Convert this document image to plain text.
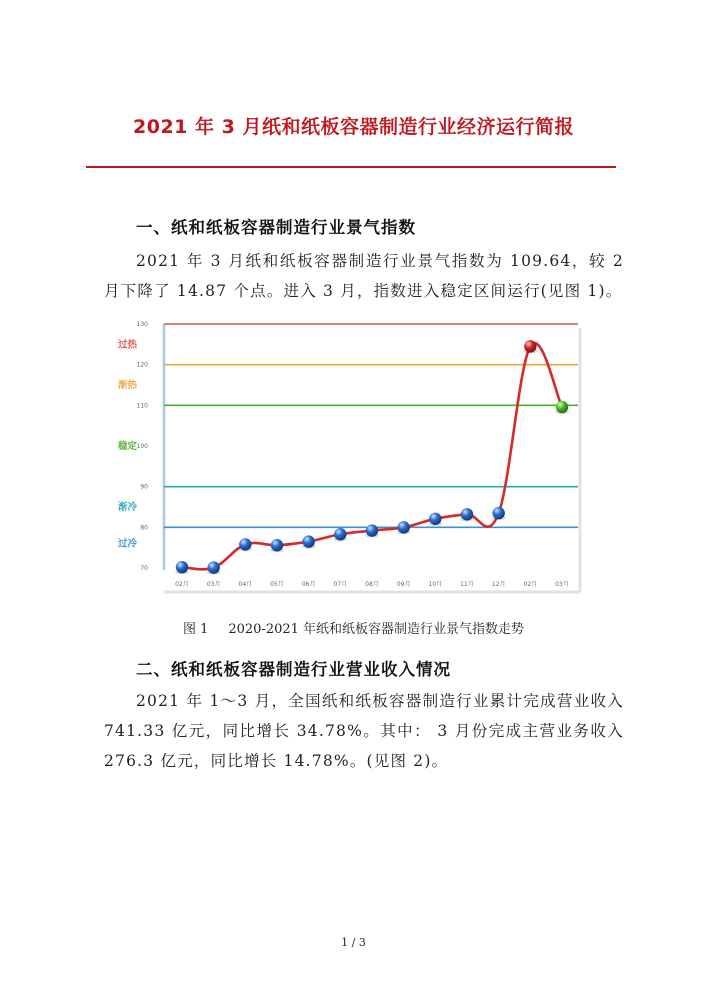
2021 年 3 月纸和纸板容器制造行业经济运行简报
一、纸和纸板容器制造行业景气指数
2021 年 3 月纸和纸板容器制造行业景气指数为 109.64，较 2 月下降了 14.87 个点。进入 3 月，指数进入稳定区间运行(见图 1)。
过热
渐热
稳定
渐冷
过冷
70
80
90
100
110
120
130
02月	03月	04月	05月	06月	07月	08月	09月	10月	11月	12月	02月	03月
图 1 2020-2021 年纸和纸板容器制造行业景气指数走势
二、纸和纸板容器制造行业营业收入情况
2021 年 1～3 月，全国纸和纸板容器制造行业累计完成营业收入 741.33 亿元，同比增长 34.78%。其中： 3 月份完成主营业务收入 276.3 亿元，同比增长 14.78%。(见图 2)。
1 / 3
